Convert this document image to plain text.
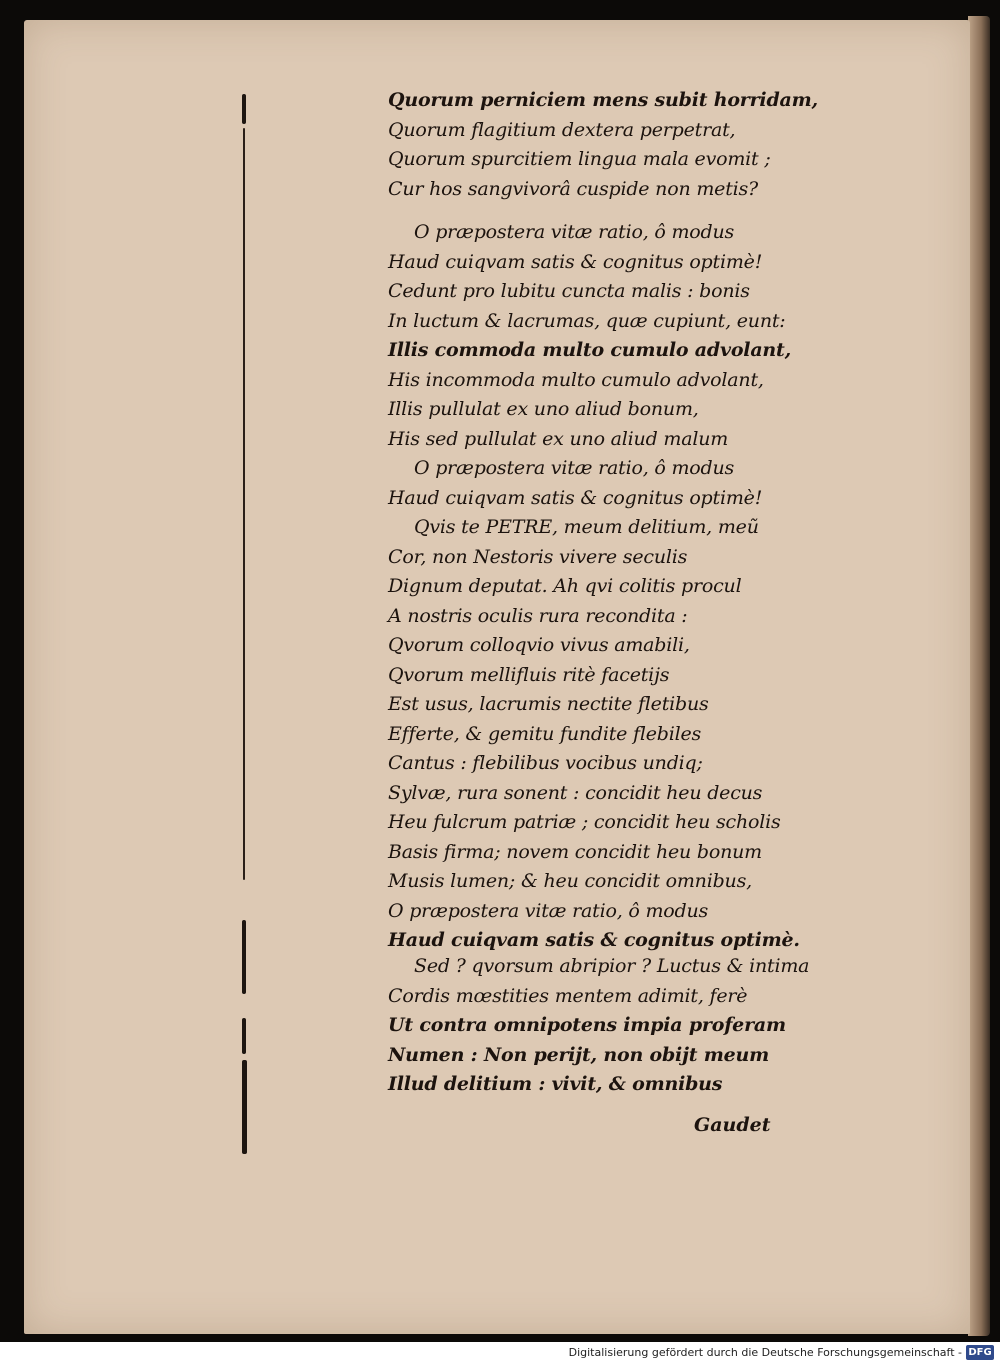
Quorum perniciem mens subit horridam,
Quorum flagitium dextera perpetrat,
Quorum spurcitiem lingua mala evomit ;
Cur hos sangvivorâ cuspide non metis?
O præpostera vitæ ratio, ô modus
Haud cuiqvam satis & cognitus optimè!
Cedunt pro lubitu cuncta malis : bonis
In luctum & lacrumas, quæ cupiunt, eunt:
Illis commoda multo cumulo advolant,
His incommoda multo cumulo advolant,
Illis pullulat ex uno aliud bonum,
His sed pullulat ex uno aliud malum
O præpostera vitæ ratio, ô modus
Haud cuiqvam satis & cognitus optimè!
Qvis te PETRE, meum delitium, meũ
Cor, non Nestoris vivere seculis
Dignum deputat. Ah qvi colitis procul
A nostris oculis rura recondita :
Qvorum colloqvio vivus amabili,
Qvorum mellifluis ritè facetijs
Est usus, lacrumis nectite fletibus
Efferte, & gemitu fundite flebiles
Cantus : flebilibus vocibus undiq;
Sylvæ, rura sonent : concidit heu decus
Heu fulcrum patriæ ; concidit heu scholis
Basis firma; novem concidit heu bonum
Musis lumen; & heu concidit omnibus,
O præpostera vitæ ratio, ô modus
Haud cuiqvam satis & cognitus optimè.
Sed ? qvorsum abripior ? Luctus & intima
Cordis mœstities mentem adimit, ferè
Ut contra omnipotens impia proferam
Numen : Non perijt, non obijt meum
Illud delitium : vivit, & omnibus
Gaudet
Digitalisierung gefördert durch die Deutsche Forschungsgemeinschaft - DFG
